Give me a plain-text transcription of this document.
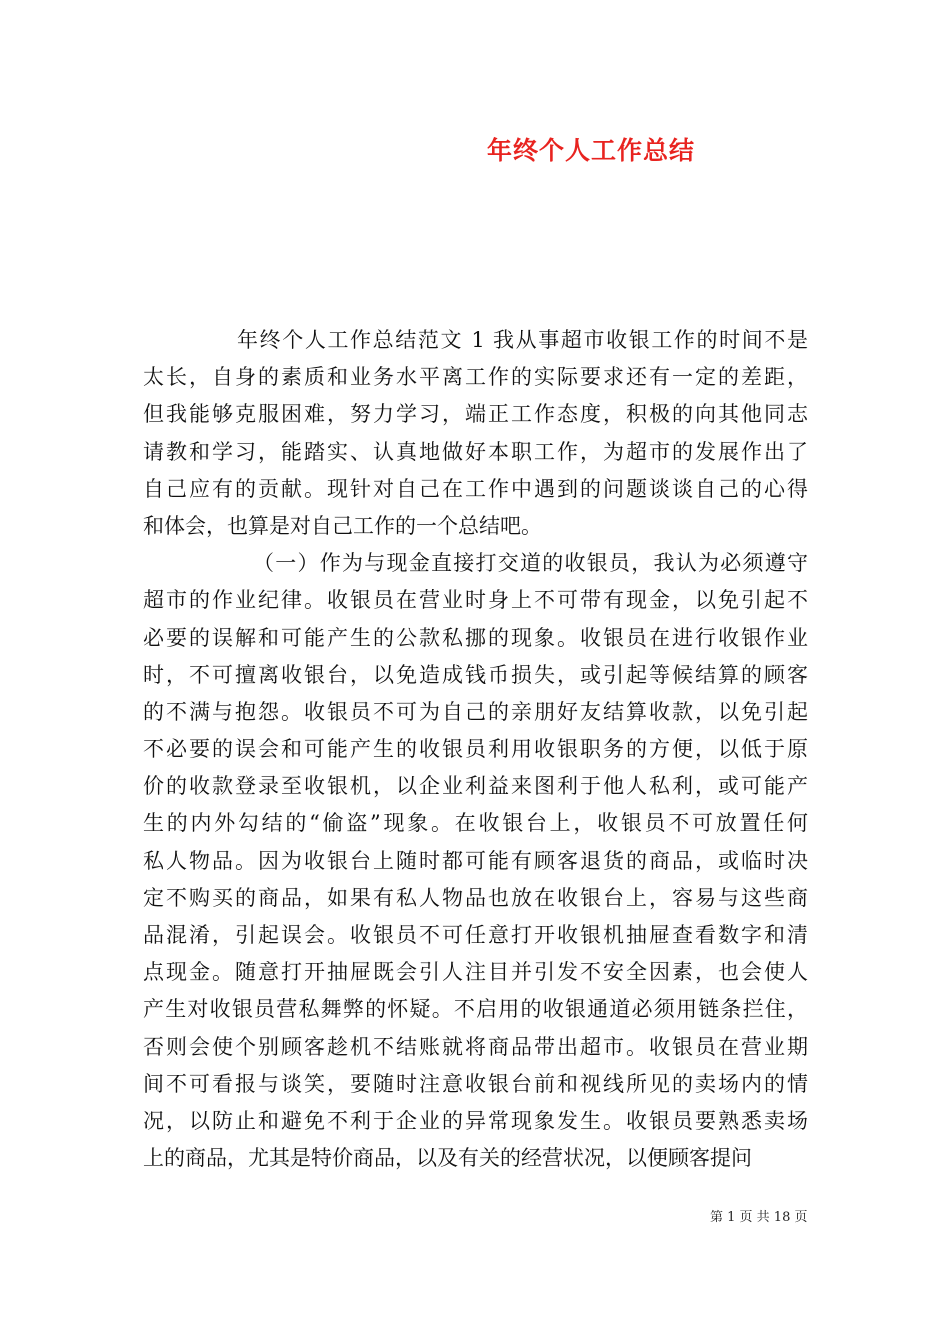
年终个人工作总结
年终个人工作总结范文 1 我从事超市收银工作的时间不是
太长，自身的素质和业务水平离工作的实际要求还有一定的差距，
但我能够克服困难，努力学习，端正工作态度，积极的向其他同志
请教和学习，能踏实、认真地做好本职工作，为超市的发展作出了
自己应有的贡献。现针对自己在工作中遇到的问题谈谈自己的心得
和体会，也算是对自己工作的一个总结吧。
（一）作为与现金直接打交道的收银员，我认为必须遵守
超市的作业纪律。收银员在营业时身上不可带有现金，以免引起不
必要的误解和可能产生的公款私挪的现象。收银员在进行收银作业
时，不可擅离收银台，以免造成钱币损失，或引起等候结算的顾客
的不满与抱怨。收银员不可为自己的亲朋好友结算收款，以免引起
不必要的误会和可能产生的收银员利用收银职务的方便，以低于原
价的收款登录至收银机，以企业利益来图利于他人私利，或可能产
生的内外勾结的“偷盗”现象。在收银台上，收银员不可放置任何
私人物品。因为收银台上随时都可能有顾客退货的商品，或临时决
定不购买的商品，如果有私人物品也放在收银台上，容易与这些商
品混淆，引起误会。收银员不可任意打开收银机抽屉查看数字和清
点现金。随意打开抽屉既会引人注目并引发不安全因素，也会使人
产生对收银员营私舞弊的怀疑。不启用的收银通道必须用链条拦住，
否则会使个别顾客趁机不结账就将商品带出超市。收银员在营业期
间不可看报与谈笑，要随时注意收银台前和视线所见的卖场内的情
况，以防止和避免不利于企业的异常现象发生。收银员要熟悉卖场
上的商品，尤其是特价商品，以及有关的经营状况，以便顾客提问
第 1 页 共 18 页
